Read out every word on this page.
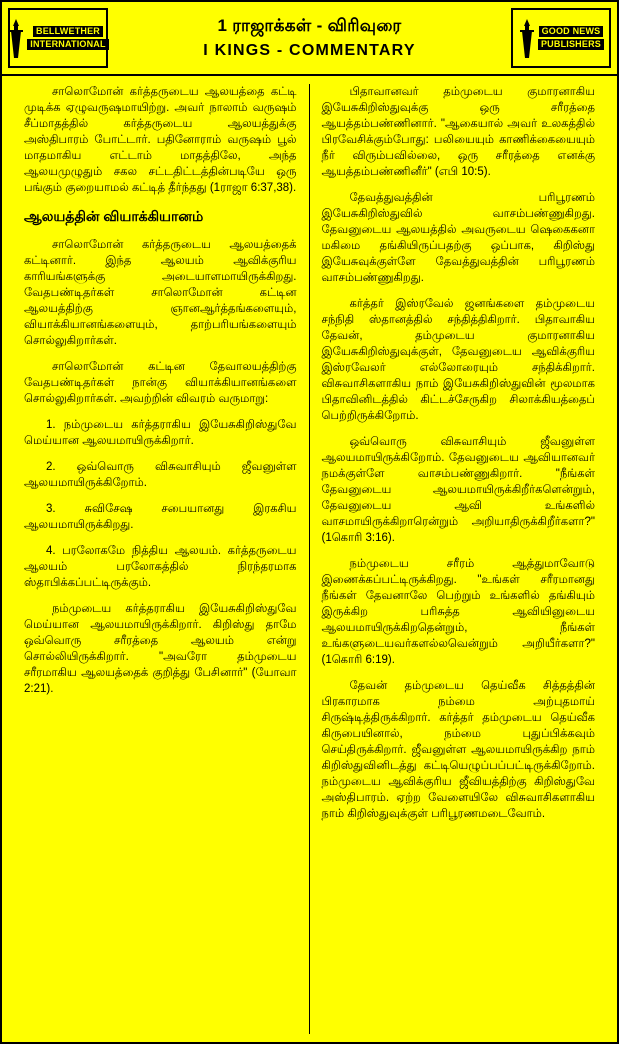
BELLWETHER
INTERNATIONAL
1 ராஜாக்கள் - விரிவுரை
I KINGS - COMMENTARY
GOOD NEWS
PUBLISHERS

சாலொமோன் கர்த்தருடைய ஆலயத்தை கட்டி முடிக்க ஏழுவருஷமாயிற்று. அவர் நாலாம் வருஷம் சீப்மாதத்தில் கர்த்தருடைய ஆலயத்துக்கு அஸ்திபாரம் போட்டார். பதினோராம் வருஷம் பூல் மாதமாகிய எட்டாம் மாதத்திலே, அந்த ஆலயமுழுதும் சகல சட்டதிட்டத்தின்படியே ஒரு பங்கும் குறையாமல் கட்டித் தீர்ந்தது (1ராஜா 6:37,38).

ஆலயத்தின் வியாக்கியானம்

சாலொமோன் கர்த்தருடைய ஆலயத்தைக் கட்டினார். இந்த ஆலயம் ஆவிக்குரிய காரியங்களுக்கு அடையாளமாயிருக்கிறது. வேதபண்டிதர்கள் சாலொமோன் கட்டின ஆலயத்திற்கு ஞானஆர்த்தங்களையும், வியாக்கியானங்களையும், தாற்பரியங்களையும் சொல்லுகிறார்கள்.

சாலொமோன் கட்டின தேவாலயத்திற்கு வேதபண்டிதர்கள் நான்கு வியாக்கியானங்களை சொல்லுகிறார்கள். அவற்றின் விவரம் வருமாறு:

1. நம்முடைய கர்த்தராகிய இயேசுகிறிஸ்துவே மெய்யான ஆலயமாயிருக்கிறார்.

2. ஒவ்வொரு விசுவாசியும் ஜீவனுள்ள ஆலயமாயிருக்கிறோம்.

3. சுவிசேஷ சபையானது இரகசிய ஆலயமாயிருக்கிறது.

4. பரலோகமே நித்திய ஆலயம். கர்த்தருடைய ஆலயம் பரலோகத்தில் நிரந்தரமாக ஸ்தாபிக்கப்பட்டிருக்கும்.

நம்முடைய கர்த்தராகிய இயேசுகிறிஸ்துவே மெய்யான ஆலயமாயிருக்கிறார். கிறிஸ்து தாமே ஒவ்வொரு சரீரத்தை ஆலயம் என்று சொல்லியிருக்கிறார். "அவரோ தம்முடைய சரீரமாகிய ஆலயத்தைக் குறித்து பேசினார்" (யோவா 2:21).

பிதாவானவர் தம்முடைய குமாரனாகிய இயேசுகிறிஸ்துவுக்கு ஒரு சரீரத்தை ஆயத்தம்பண்ணினார். "ஆகையால் அவர் உலகத்தில் பிரவேசிக்கும்போது: பலியையும் காணிக்கையையும் நீர் விரும்பவில்லை, ஒரு சரீரத்தை எனக்கு ஆயத்தம்பண்ணினீர்" (எபி 10:5).

தேவத்துவத்தின் பரிபூரணம் இயேசுகிறிஸ்துவில் வாசம்பண்ணுகிறது. தேவனுடைய ஆலயத்தில் அவருடைய ஷெகைகனா மகிமை தங்கியிருப்பதற்கு ஒப்பாக, கிறிஸ்து இயேசுவுக்குள்ளே தேவத்துவத்தின் பரிபூரணம் வாசம்பண்ணுகிறது.

கர்த்தர் இஸ்ரவேல் ஜனங்களை தம்முடைய சந்நிதி ஸ்தானத்தில் சந்தித்திகிறார். பிதாவாகிய தேவன், தம்முடைய குமாரனாகிய இயேசுகிறிஸ்துவுக்குள், தேவனுடைய ஆவிக்குரிய இஸ்ரவேலர் எல்லோரையும் சந்திக்கிறார். விசுவாசிகளாகிய நாம் இயேசுகிறிஸ்துவின் மூலமாக பிதாவினிடத்தில் கிட்டச்சேருகிற சிலாக்கியத்தைப் பெற்றிருக்கிறோம்.

ஒவ்வொரு விசுவாசியும் ஜீவனுள்ள ஆலயமாயிருக்கிறோம். தேவனுடைய ஆவியானவர் நமக்குள்ளே வாசம்பண்ணுகிறார். "நீங்கள் தேவனுடைய ஆலயமாயிருக்கிறீர்களென்றும், தேவனுடைய ஆவி உங்களில் வாசமாயிருக்கிறாரென்றும் அறியாதிருக்கிறீர்களா?" (1கொரி 3:16).

நம்முடைய சரீரம் ஆத்துமாவோடு இணைக்கப்பட்டிருக்கிறது. "உங்கள் சரீரமானது நீங்கள் தேவனாலே பெற்றும் உங்களில் தங்கியும் இருக்கிற பரிசுத்த ஆவியினுடைய ஆலயமாயிருக்கிறதென்றும், நீங்கள் உங்களுடையவர்களல்லவென்றும் அறியீர்களா?" (1கொரி 6:19).

தேவன் தம்முடைய தெய்வீக சித்தத்தின் பிரகாரமாக நம்மை அற்புதமாய் சிருஷ்டித்திருக்கிறார். கர்த்தர் தம்முடைய தெய்வீக கிருபையினால், நம்மை புதுப்பிக்கவும் செய்திருக்கிறார். ஜீவனுள்ள ஆலயமாயிருக்கிற நாம் கிறிஸ்துவினிடத்து கட்டியெழுப்பப்பட்டிருக்கிறோம். நம்முடைய ஆவிக்குரிய ஜீவியத்திற்கு கிறிஸ்துவே அஸ்திபாரம். ஏற்ற வேளையிலே விசுவாசிகளாகிய நாம் கிறிஸ்துவுக்குள் பரிபூரணமடைவோம்.
